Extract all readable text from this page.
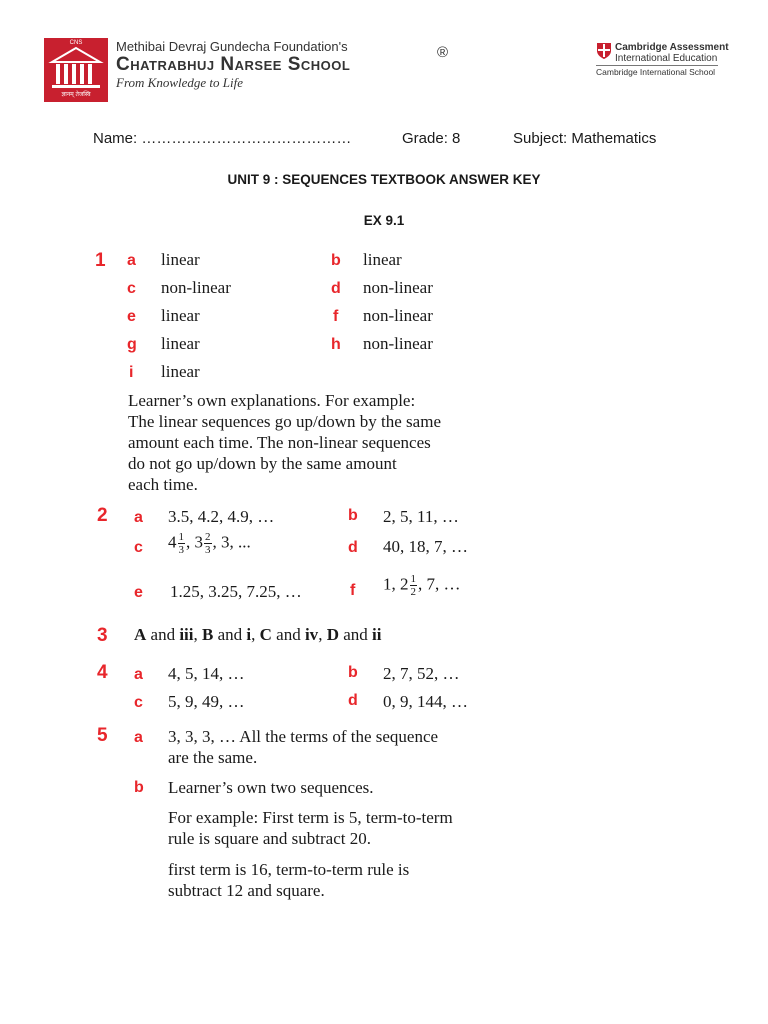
CNS
ज्ञानम् तेजस्वि
Methibai Devraj Gundecha Foundation's
Chatrabhuj Narsee School
®
From Knowledge to Life
Cambridge Assessment
International Education
Cambridge International School
Name: ……………………………………	Grade: 8	Subject: Mathematics
UNIT 9 : SEQUENCES TEXTBOOK ANSWER KEY
EX 9.1
1 a linear	b linear
c non-linear	d non-linear
e linear	f non-linear
g linear	h non-linear
i linear
Learner’s own explanations. For example:
The linear sequences go up/down by the same
amount each time. The non-linear sequences
do not go up/down by the same amount
each time.
2 a 3.5, 4.2, 4.9, …	b 2, 5, 11, …
c $4 \frac{1}{3}$ , $3 \frac{2}{3}$ , 3, ...	d 40, 18, 7, …
e 1.25, 3.25, 7.25, …	f 1, $2 \frac{1}{2}$ , 7, …
3 A and iii, B and i, C and iv, D and ii
4 a 4, 5, 14, …	b 2, 7, 52, …
c 5, 9, 49, …	d 0, 9, 144, …
5 a 3, 3, 3, … All the terms of the sequence
are the same.
b Learner’s own two sequences.
For example: First term is 5, term-to-term
rule is square and subtract 20.
first term is 16, term-to-term rule is
subtract 12 and square.
